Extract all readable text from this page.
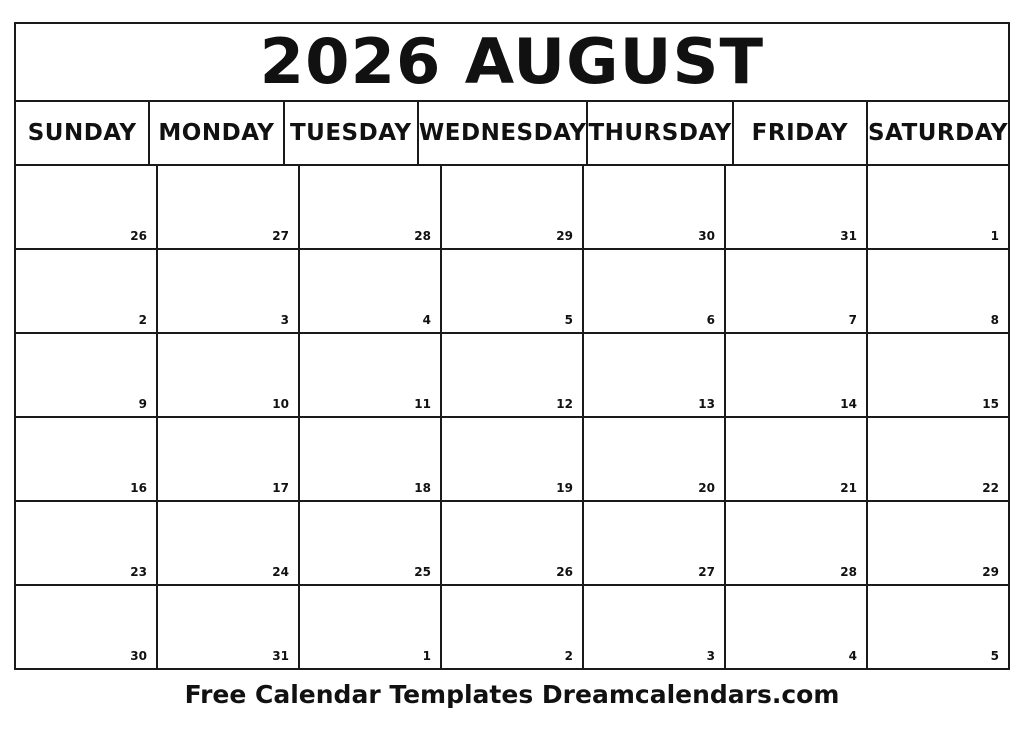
2026 AUGUST
SUNDAY MONDAY TUESDAY WEDNESDAY THURSDAY FRIDAY SATURDAY
26	27	28	29	30	31	1
2	3	4	5	6	7	8
9	10	11	12	13	14	15
16	17	18	19	20	21	22
23	24	25	26	27	28	29
30	31	1	2	3	4	5
Free Calendar Templates Dreamcalendars.com
